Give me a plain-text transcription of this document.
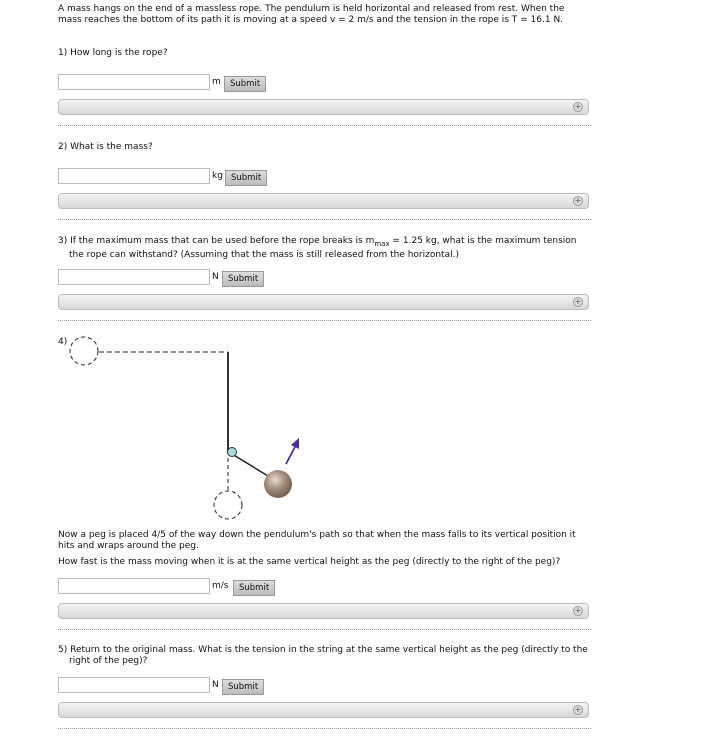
A mass hangs on the end of a massless rope. The pendulum is held horizontal and released from rest. When the mass reaches the bottom of its path it is moving at a speed v = 2 m/s and the tension in the rope is T = 16.1 N.
1) How long is the rope?
m	Submit
+
2) What is the mass?
kg Submit
+
3) If the maximum mass that can be used before the rope breaks is $m_{max} = 1.25$ kg, what is the maximum tension the rope can withstand? (Assuming that the mass is still released from the horizontal.)
N	Submit
+
4)
Now a peg is placed 4/5 of the way down the pendulum's path so that when the mass falls to its vertical position it hits and wraps around the peg.
How fast is the mass moving when it is at the same vertical height as the peg (directly to the right of the peg)?
m/s	Submit
+
5) Return to the original mass. What is the tension in the string at the same vertical height as the peg (directly to the right of the peg)?
N	Submit
+
